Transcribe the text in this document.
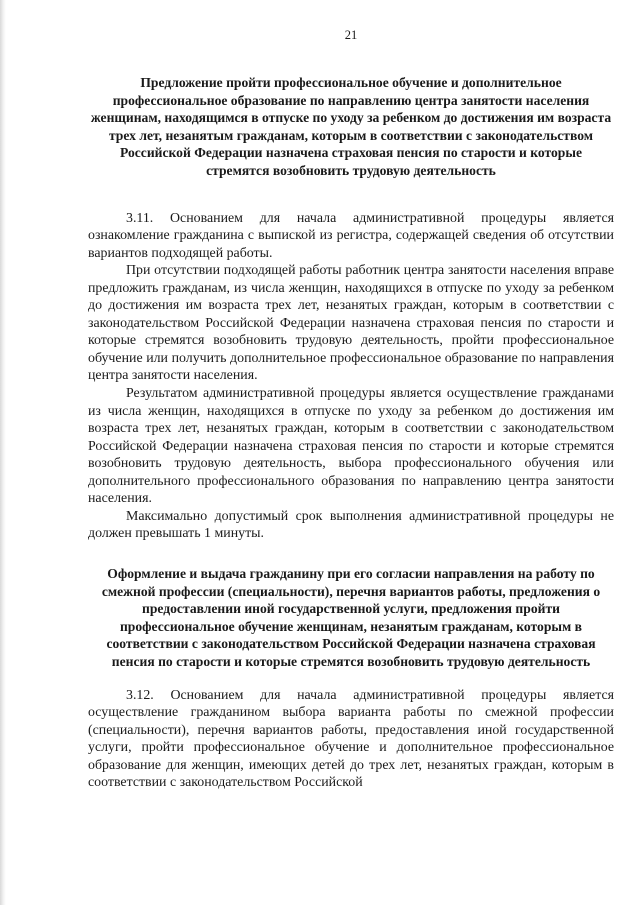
21

Предложение пройти профессиональное обучение и дополнительное профессиональное образование по направлению центра занятости населения женщинам, находящимся в отпуске по уходу за ребенком до достижения им возраста трех лет, незанятым гражданам, которым в соответствии с законодательством Российской Федерации назначена страховая пенсия по старости и которые стремятся возобновить трудовую деятельность

3.11. Основанием для начала административной процедуры является ознакомление гражданина с выпиской из регистра, содержащей сведения об отсутствии вариантов подходящей работы.

При отсутствии подходящей работы работник центра занятости населения вправе предложить гражданам, из числа женщин, находящихся в отпуске по уходу за ребенком до достижения им возраста трех лет, незанятых граждан, которым в соответствии с законодательством Российской Федерации назначена страховая пенсия по старости и которые стремятся возобновить трудовую деятельность, пройти профессиональное обучение или получить дополнительное профессиональное образование по направления центра занятости населения.

Результатом административной процедуры является осуществление гражданами из числа женщин, находящихся в отпуске по уходу за ребенком до достижения им возраста трех лет, незанятых граждан, которым в соответствии с законодательством Российской Федерации назначена страховая пенсия по старости и которые стремятся возобновить трудовую деятельность, выбора профессионального обучения или дополнительного профессионального образования по направлению центра занятости населения.

Максимально допустимый срок выполнения административной процедуры не должен превышать 1 минуты.

Оформление и выдача гражданину при его согласии направления на работу по смежной профессии (специальности), перечня вариантов работы, предложения о предоставлении иной государственной услуги, предложения пройти профессиональное обучение женщинам, незанятым гражданам, которым в соответствии с законодательством Российской Федерации назначена страховая пенсия по старости и которые стремятся возобновить трудовую деятельность

3.12. Основанием для начала административной процедуры является осуществление гражданином выбора варианта работы по смежной профессии (специальности), перечня вариантов работы, предоставления иной государственной услуги, пройти профессиональное обучение и дополнительное профессиональное образование для женщин, имеющих детей до трех лет, незанятых граждан, которым в соответствии с законодательством Российской
